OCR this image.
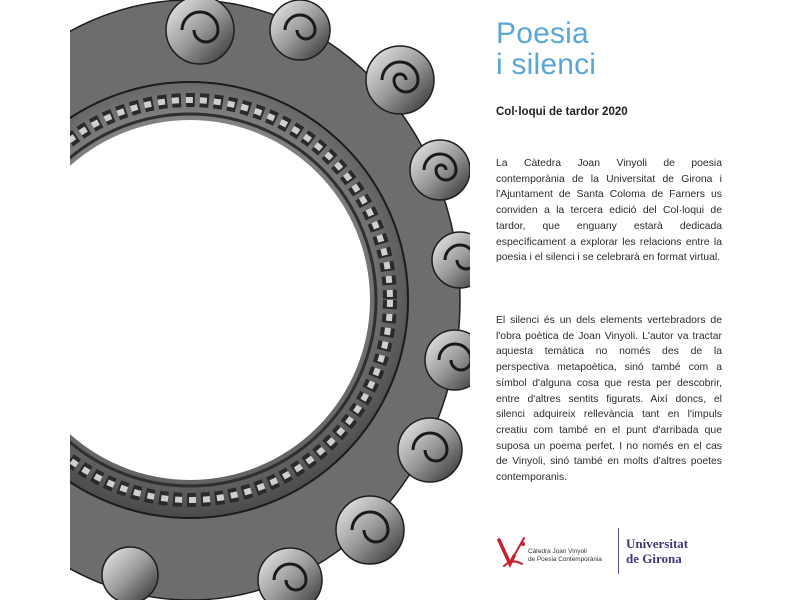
Poesia
i silenci
Col·loqui de tardor 2020
La Càtedra Joan Vinyoli de poesia contemporània de la Universitat de Girona i l'Ajuntament de Santa Coloma de Farners us conviden a la tercera edició del Col·loqui de tardor, que enguany estarà dedicada específicament a explorar les relacions entre la poesia i el silenci i se celebrarà en format virtual.
El silenci és un dels elements vertebradors de l'obra poètica de Joan Vinyoli. L'autor va tractar aquesta temàtica no només des de la perspectiva metapoètica, sinó també com a símbol d'alguna cosa que resta per descobrir, entre d'altres sentits figurats. Així doncs, el silenci adquireix rellevància tant en l'impuls creatiu com també en el punt d'arribada que suposa un poema perfet. I no només en el cas de Vinyoli, sinó també en molts d'altres poetes contemporanis.
Càtedra Joan Vinyoli
de Poesia Contemporània
Universitat
de Girona
